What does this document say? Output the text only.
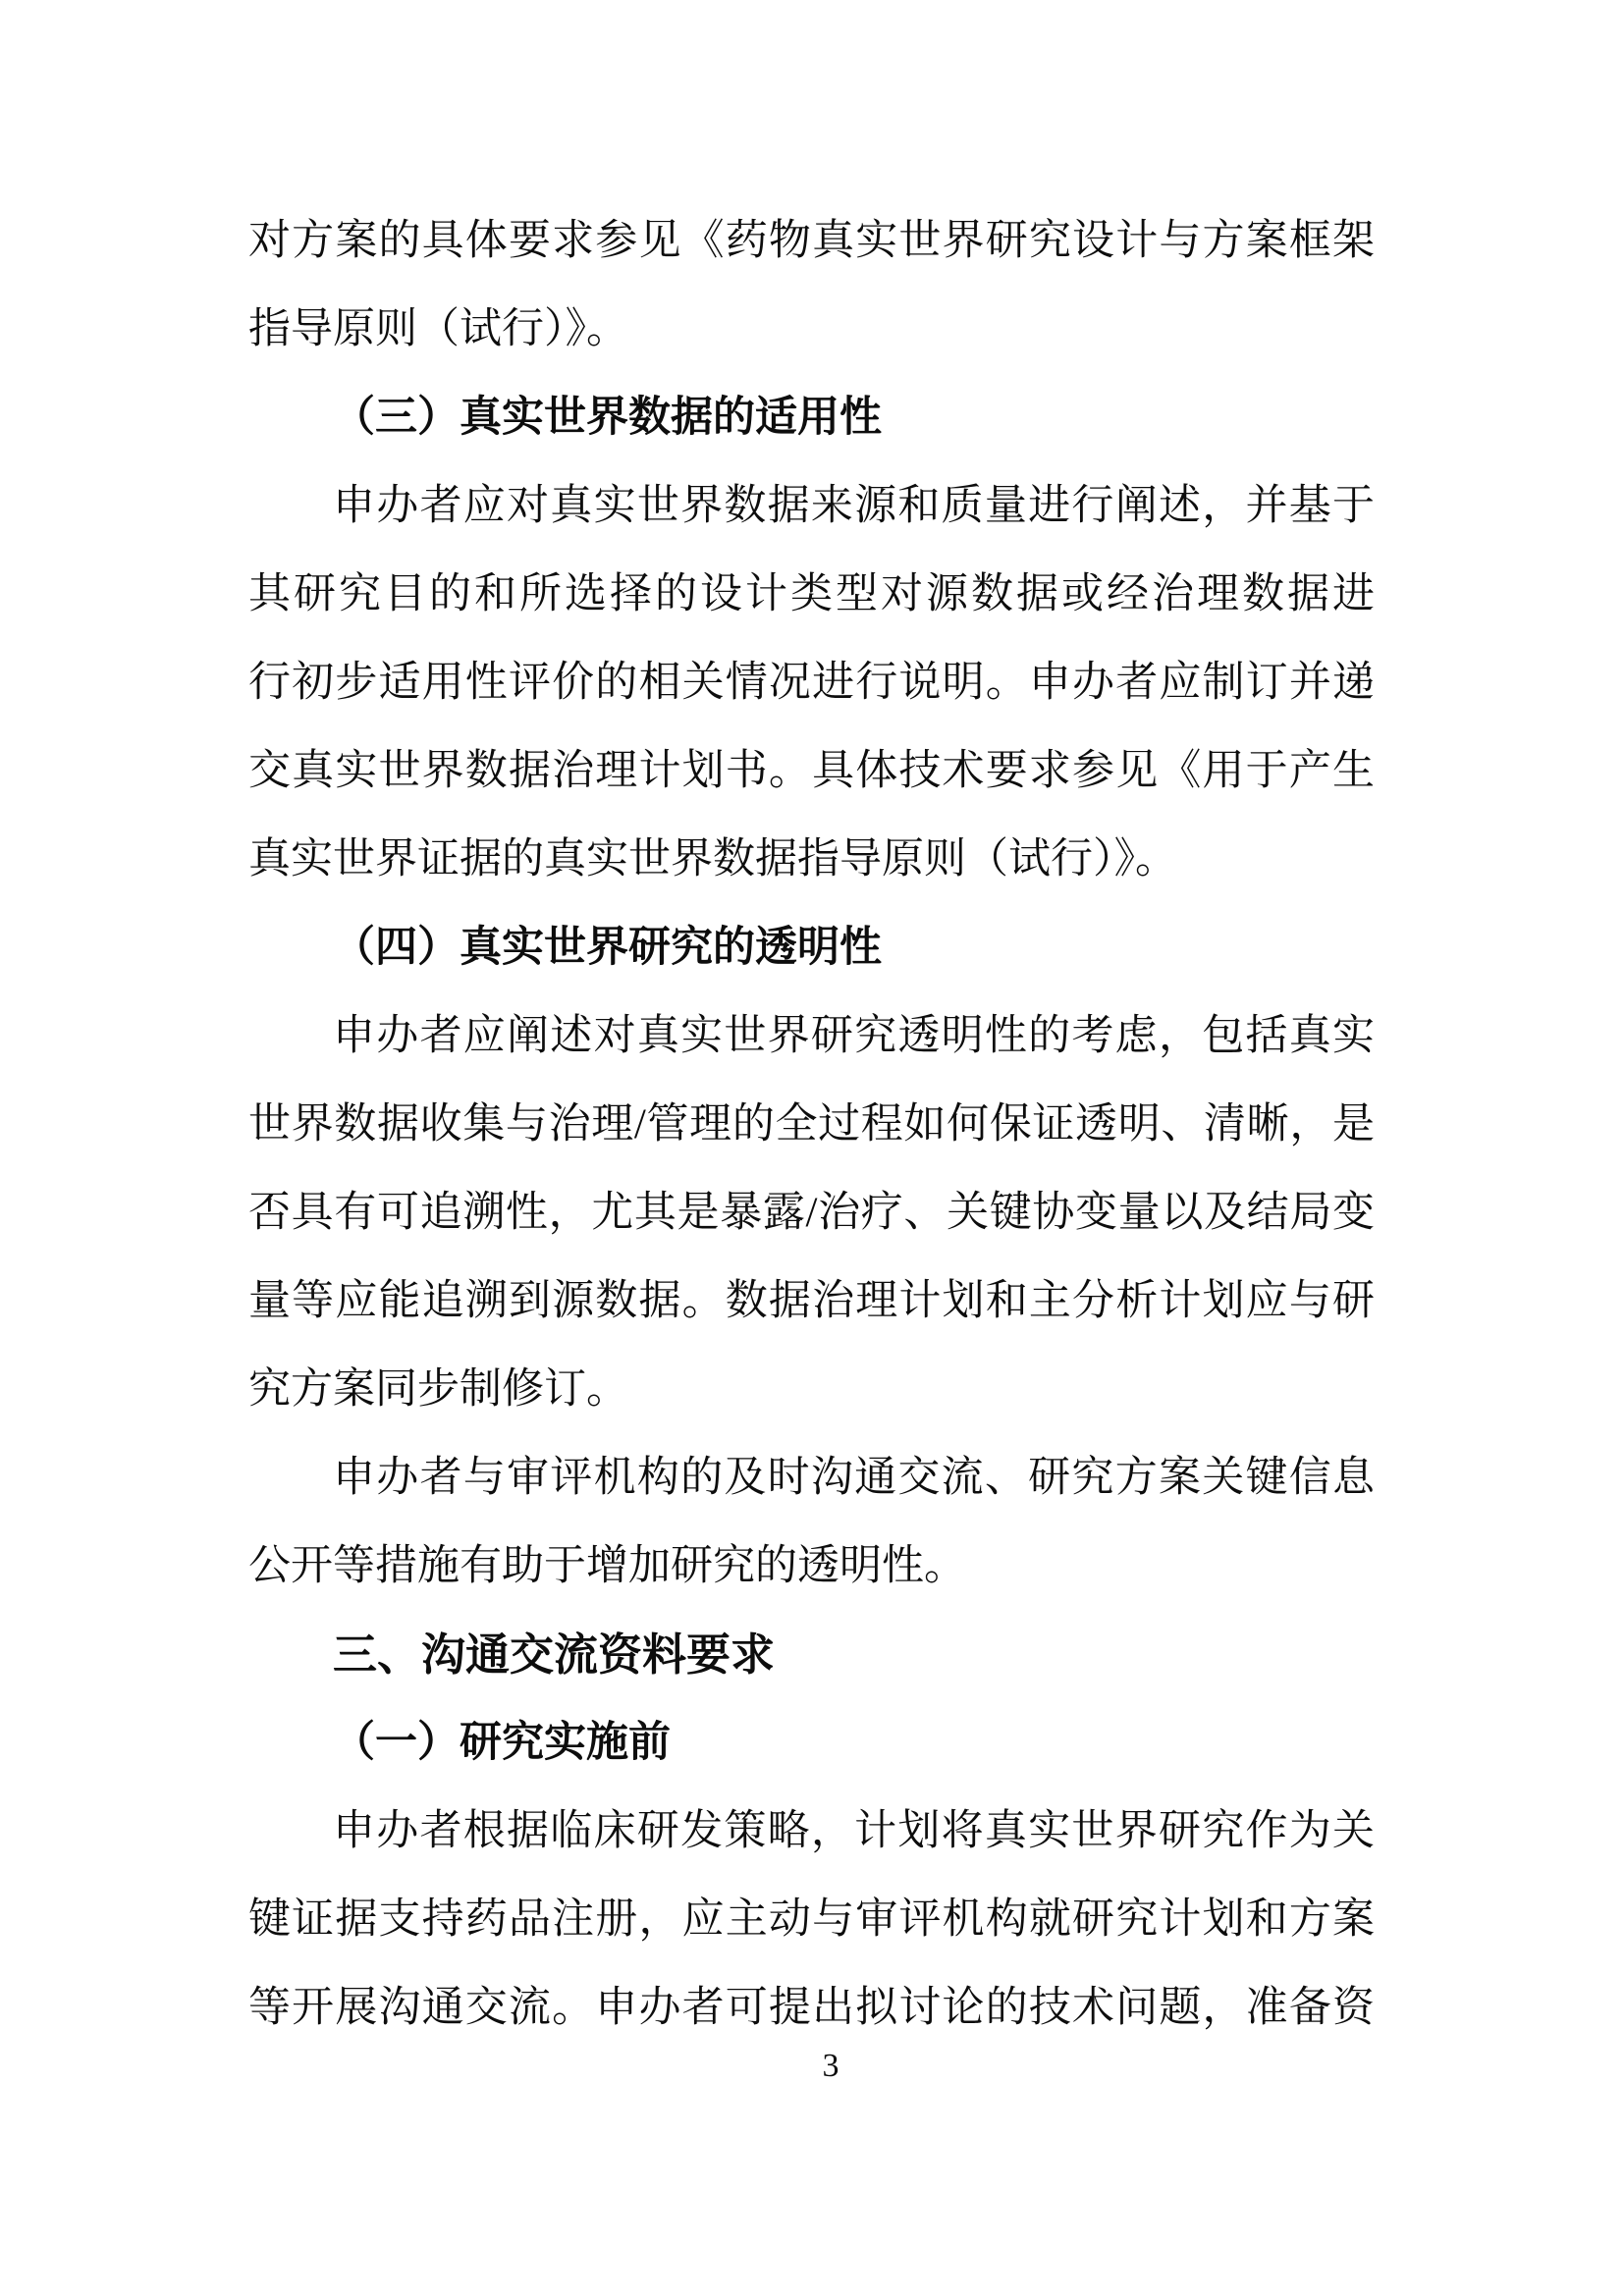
对方案的具体要求参见《药物真实世界研究设计与方案框架
指导原则（试行）》。
（三）真实世界数据的适用性
申办者应对真实世界数据来源和质量进行阐述，并基于
其研究目的和所选择的设计类型对源数据或经治理数据进
行初步适用性评价的相关情况进行说明。申办者应制订并递
交真实世界数据治理计划书。具体技术要求参见《用于产生
真实世界证据的真实世界数据指导原则（试行）》。
（四）真实世界研究的透明性
申办者应阐述对真实世界研究透明性的考虑，包括真实
世界数据收集与治理/管理的全过程如何保证透明、清晰，是
否具有可追溯性，尤其是暴露/治疗、关键协变量以及结局变
量等应能追溯到源数据。数据治理计划和主分析计划应与研
究方案同步制修订。
申办者与审评机构的及时沟通交流、研究方案关键信息
公开等措施有助于增加研究的透明性。
三、沟通交流资料要求
（一）研究实施前
申办者根据临床研发策略，计划将真实世界研究作为关
键证据支持药品注册，应主动与审评机构就研究计划和方案
等开展沟通交流。申办者可提出拟讨论的技术问题，准备资
3
